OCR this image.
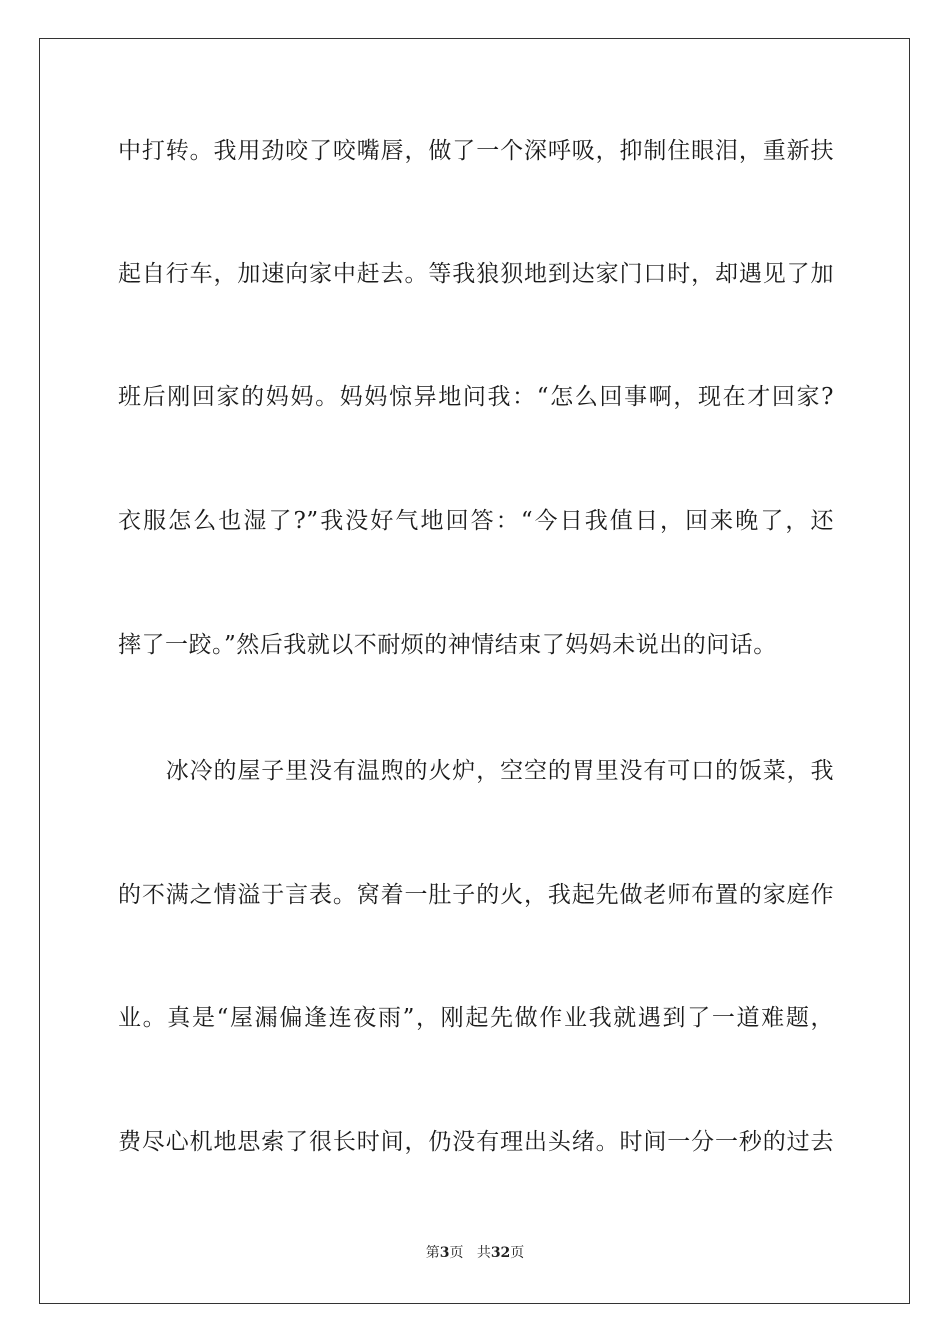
中打转。我用劲咬了咬嘴唇，做了一个深呼吸，抑制住眼泪，重新扶
起自行车，加速向家中赶去。等我狼狈地到达家门口时，却遇见了加
班后刚回家的妈妈。妈妈惊异地问我：“怎么回事啊，现在才回家?
衣服怎么也湿了?”我没好气地回答：“今日我值日，回来晚了，还
摔了一跤。”然后我就以不耐烦的神情结束了妈妈未说出的问话。
　　冰冷的屋子里没有温煦的火炉，空空的胃里没有可口的饭菜，我
的不满之情溢于言表。窝着一肚子的火，我起先做老师布置的家庭作
业。真是“屋漏偏逢连夜雨”，刚起先做作业我就遇到了一道难题，
费尽心机地思索了很长时间，仍没有理出头绪。时间一分一秒的过去
第3页 共32页
